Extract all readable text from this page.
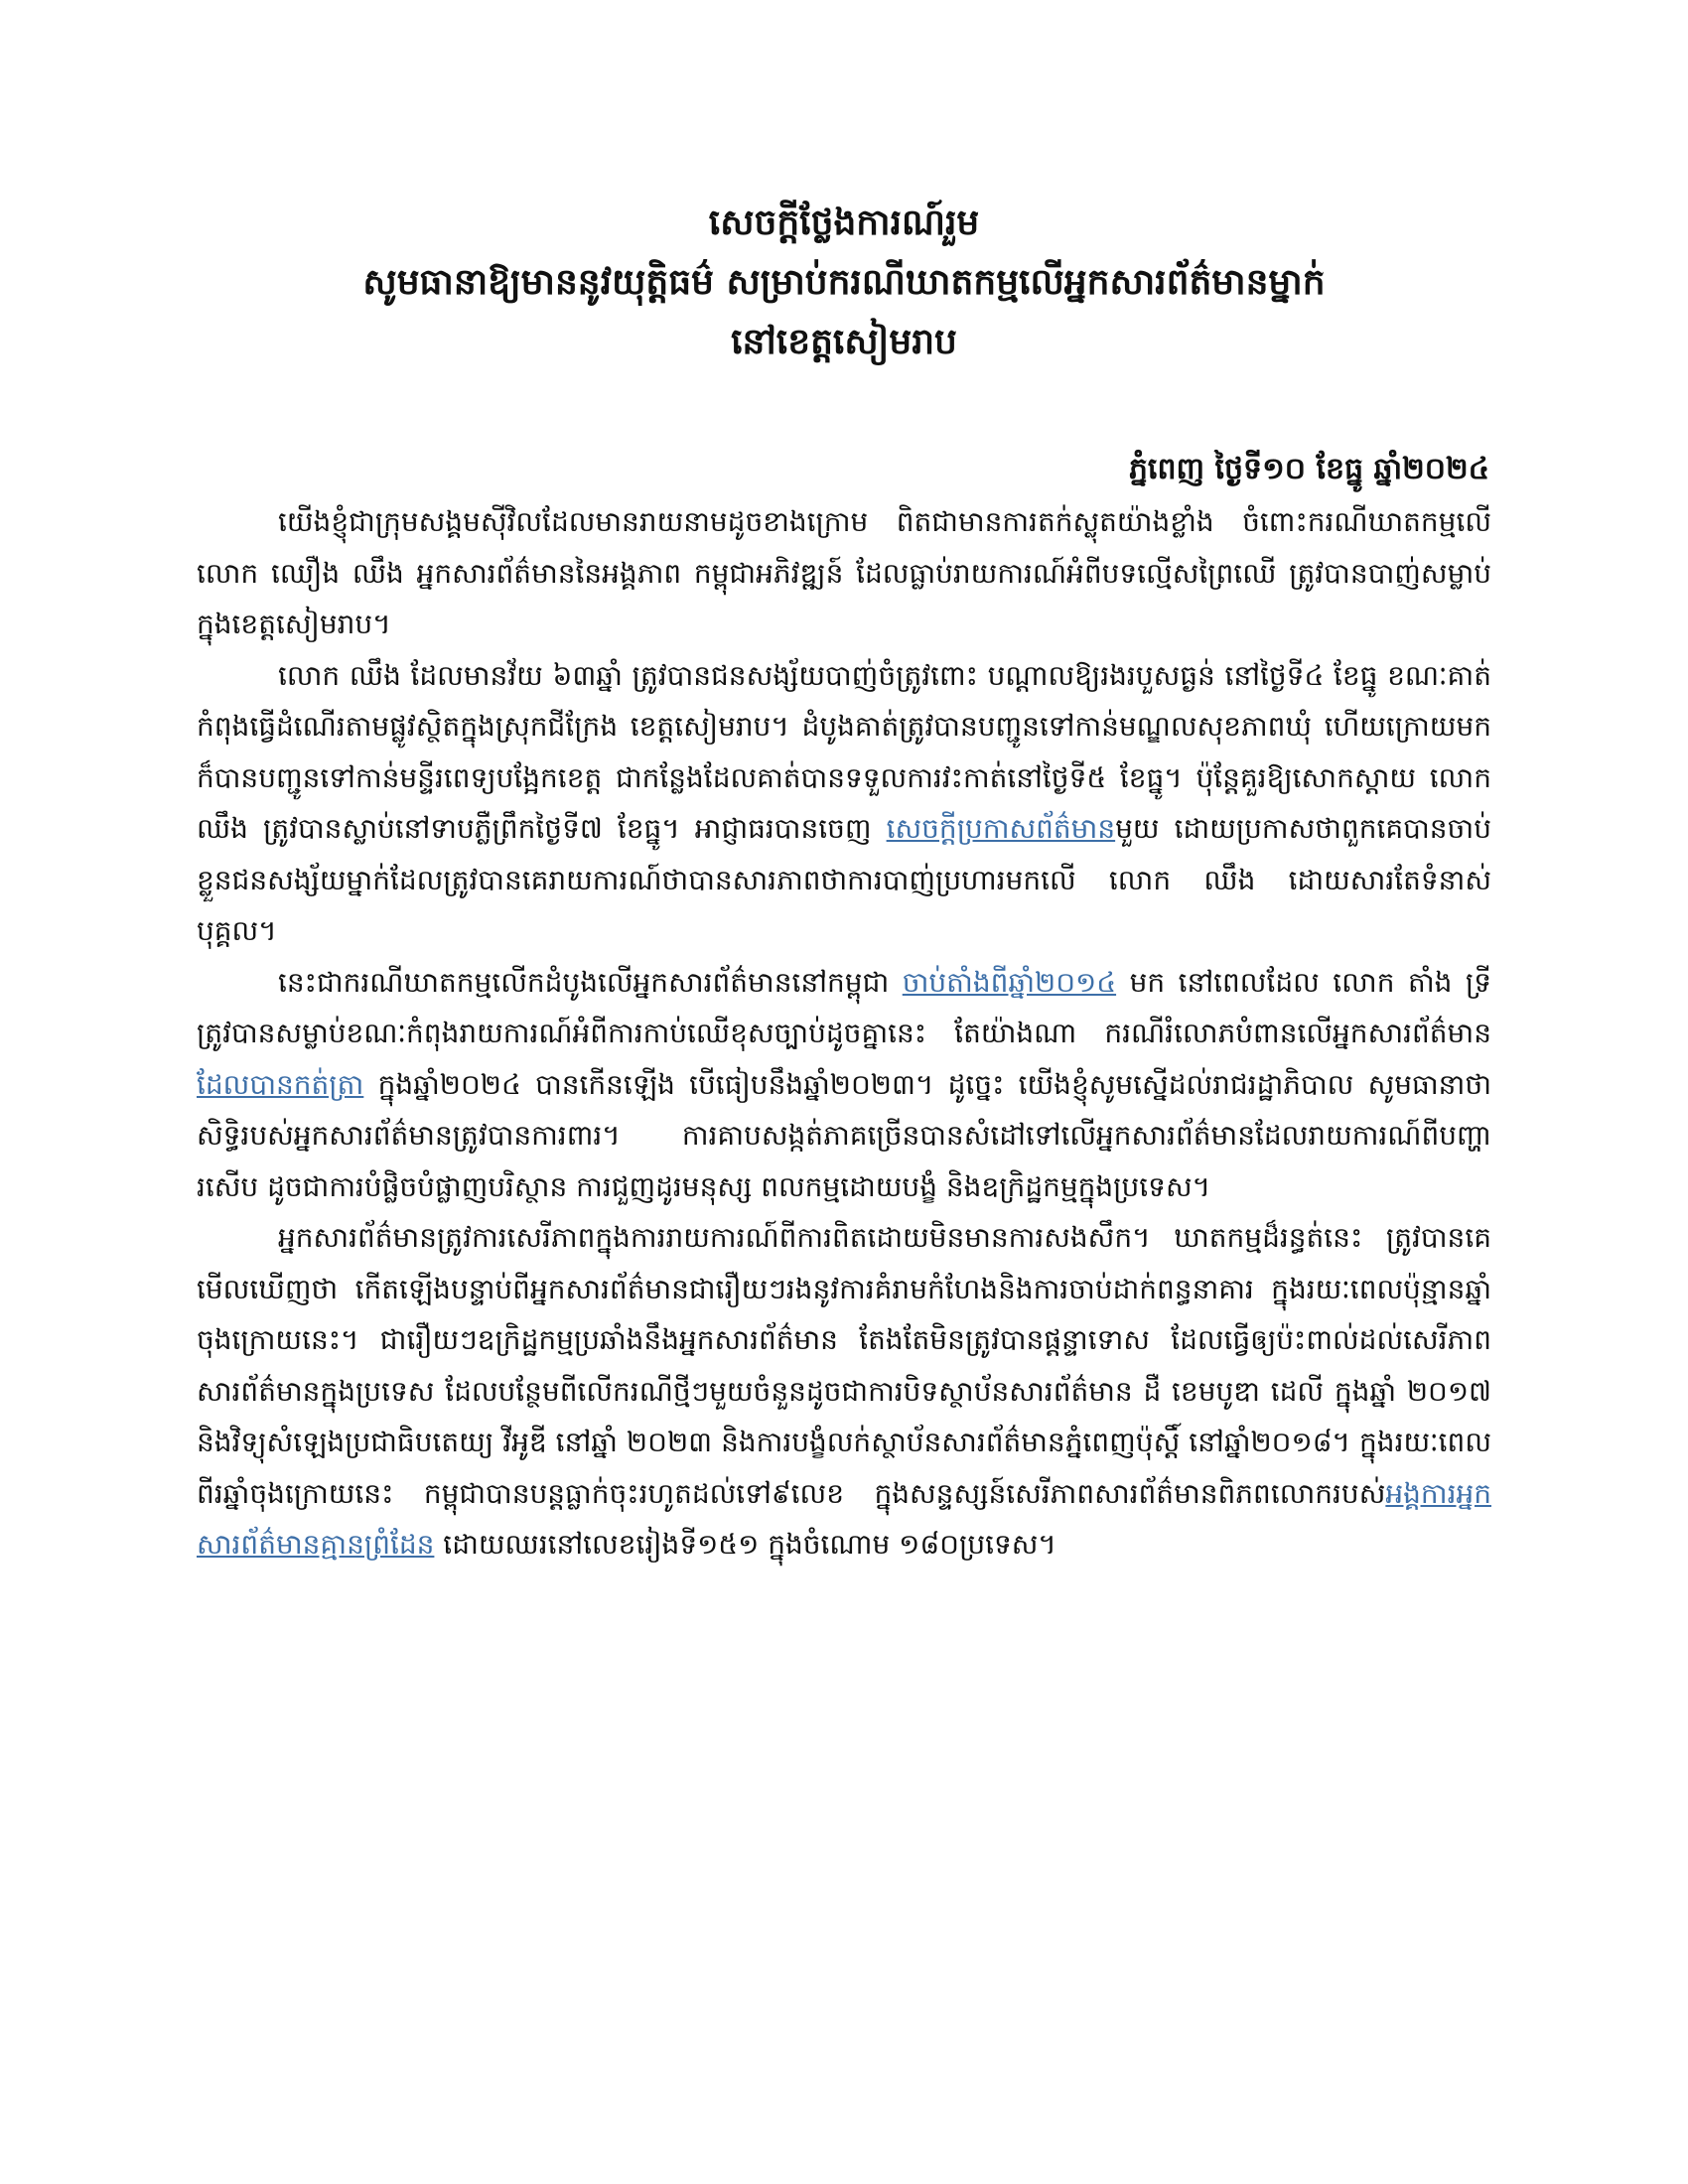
សេចក្តីថ្លែងការណ៍រួម

សូមធានាឱ្យមាននូវយុត្តិធម៌ សម្រាប់ករណីឃាតកម្មលើអ្នកសារព័ត៌មានម្នាក់

នៅខេត្តសៀមរាប

ភ្នំពេញ ថ្ងៃទី១០ ខែធ្នូ ឆ្នាំ២០២៤

យើងខ្ញុំជាក្រុមសង្គមស៊ីវិលដែលមានរាយនាមដូចខាងក្រោម ពិតជាមានការតក់ស្លុតយ៉ាងខ្លាំង ចំពោះករណីឃាតកម្មលើលោក ឈឿង ឈឹង អ្នកសារព័ត៌មាននៃអង្គភាព កម្ពុជាអភិវឌ្ឍន៍ ដែលធ្លាប់រាយការណ៍អំពីបទល្មើសព្រៃឈើ ត្រូវបានបាញ់សម្លាប់ក្នុងខេត្តសៀមរាប។

លោក ឈឹង ដែលមានវ័យ ៦៣ឆ្នាំ ត្រូវបានជនសង្ស័យបាញ់ចំត្រូវពោះ បណ្តាលឱ្យរងរបួសធ្ងន់ នៅថ្ងៃទី៤ ខែធ្នូ ខណៈគាត់កំពុងធ្វើដំណើរតាមផ្លូវស្ថិតក្នុងស្រុកជីក្រែង ខេត្តសៀមរាប។ ដំបូងគាត់ត្រូវបានបញ្ជូនទៅកាន់មណ្ឌលសុខភាពឃុំ ហើយក្រោយមកក៏បានបញ្ជូនទៅកាន់មន្ទីរពេទ្យបង្អែកខេត្ត ជាកន្លែងដែលគាត់បានទទួលការវះកាត់នៅថ្ងៃទី៥ ខែធ្នូ។ ប៉ុន្តែគួរឱ្យសោកស្តាយ លោក ឈឹង ត្រូវបានស្លាប់នៅទាបភ្លឺព្រឹកថ្ងៃទី៧ ខែធ្នូ។ អាជ្ញាធរបានចេញ សេចក្តីប្រកាសព័ត៌មានមួយ ដោយប្រកាសថាពួកគេបានចាប់ខ្លួនជនសង្ស័យម្នាក់ដែលត្រូវបានគេរាយការណ៍ថាបានសារភាពថាការបាញ់ប្រហារមកលើ លោក ឈឹង ដោយសារតែទំនាស់បុគ្គល។

នេះជាករណីឃាតកម្មលើកដំបូងលើអ្នកសារព័ត៌មាននៅកម្ពុជា ចាប់តាំងពីឆ្នាំ២០១៤ មក នៅពេលដែល លោក តាំង ទ្រី ត្រូវបានសម្លាប់ខណៈកំពុងរាយការណ៍អំពីការកាប់ឈើខុសច្បាប់ដូចគ្នានេះ តែយ៉ាងណា ករណីរំលោភបំពានលើអ្នកសារព័ត៌មាន ដែលបានកត់ត្រា ក្នុងឆ្នាំ២០២៤ បានកើនឡើង បើធៀបនឹងឆ្នាំ២០២៣។ ដូច្នេះ យើងខ្ញុំសូមស្នើដល់រាជរដ្ឋាភិបាល សូមធានាថា សិទ្ធិរបស់អ្នកសារព័ត៌មានត្រូវបានការពារ។ ការគាបសង្កត់ភាគច្រើនបានសំដៅទៅលើអ្នកសារព័ត៌មានដែលរាយការណ៍ពីបញ្ហារសើប ដូចជាការបំផ្លិចបំផ្លាញបរិស្ថាន ការជួញដូរមនុស្ស ពលកម្មដោយបង្ខំ និងឧក្រិដ្ឋកម្មក្នុងប្រទេស។

អ្នកសារព័ត៌មានត្រូវការសេរីភាពក្នុងការរាយការណ៍ពីការពិតដោយមិនមានការសងសឹក។ ឃាតកម្មដ៏រន្ធត់នេះ ត្រូវបានគេមើលឃើញថា កើតឡើងបន្ទាប់ពីអ្នកសារព័ត៌មានជារឿយៗរងនូវការគំរាមកំហែងនិងការចាប់ដាក់ពន្ធនាគារ ក្នុងរយៈពេលប៉ុន្មានឆ្នាំចុងក្រោយនេះ។ ជារឿយៗឧក្រិដ្ឋកម្មប្រឆាំងនឹងអ្នកសារព័ត៌មាន តែងតែមិនត្រូវបានផ្តន្ទាទោស ដែលធ្វើឲ្យប៉ះពាល់ដល់សេរីភាពសារព័ត៌មានក្នុងប្រទេស ដែលបន្ថែមពីលើករណីថ្មីៗមួយចំនួនដូចជាការបិទស្ថាប័នសារព័ត៌មាន ដឺ ខេមបូឌា ដេលី ក្នុងឆ្នាំ ២០១៧ និងវិទ្យុសំឡេងប្រជាធិបតេយ្យ វីអូឌី នៅឆ្នាំ ២០២៣ និងការបង្ខំលក់ស្ថាប័នសារព័ត៌មានភ្នំពេញប៉ុស្តិ៍ នៅឆ្នាំ២០១៨។ ក្នុងរយៈពេលពីរឆ្នាំចុងក្រោយនេះ កម្ពុជាបានបន្តធ្លាក់ចុះរហូតដល់ទៅ៩លេខ ក្នុងសន្ទស្សន៍សេរីភាពសារព័ត៌មានពិភពលោករបស់អង្គការអ្នកសារព័ត៌មានគ្មានព្រំដែន ដោយឈរនៅលេខរៀងទី១៥១ ក្នុងចំណោម ១៨០ប្រទេស។
